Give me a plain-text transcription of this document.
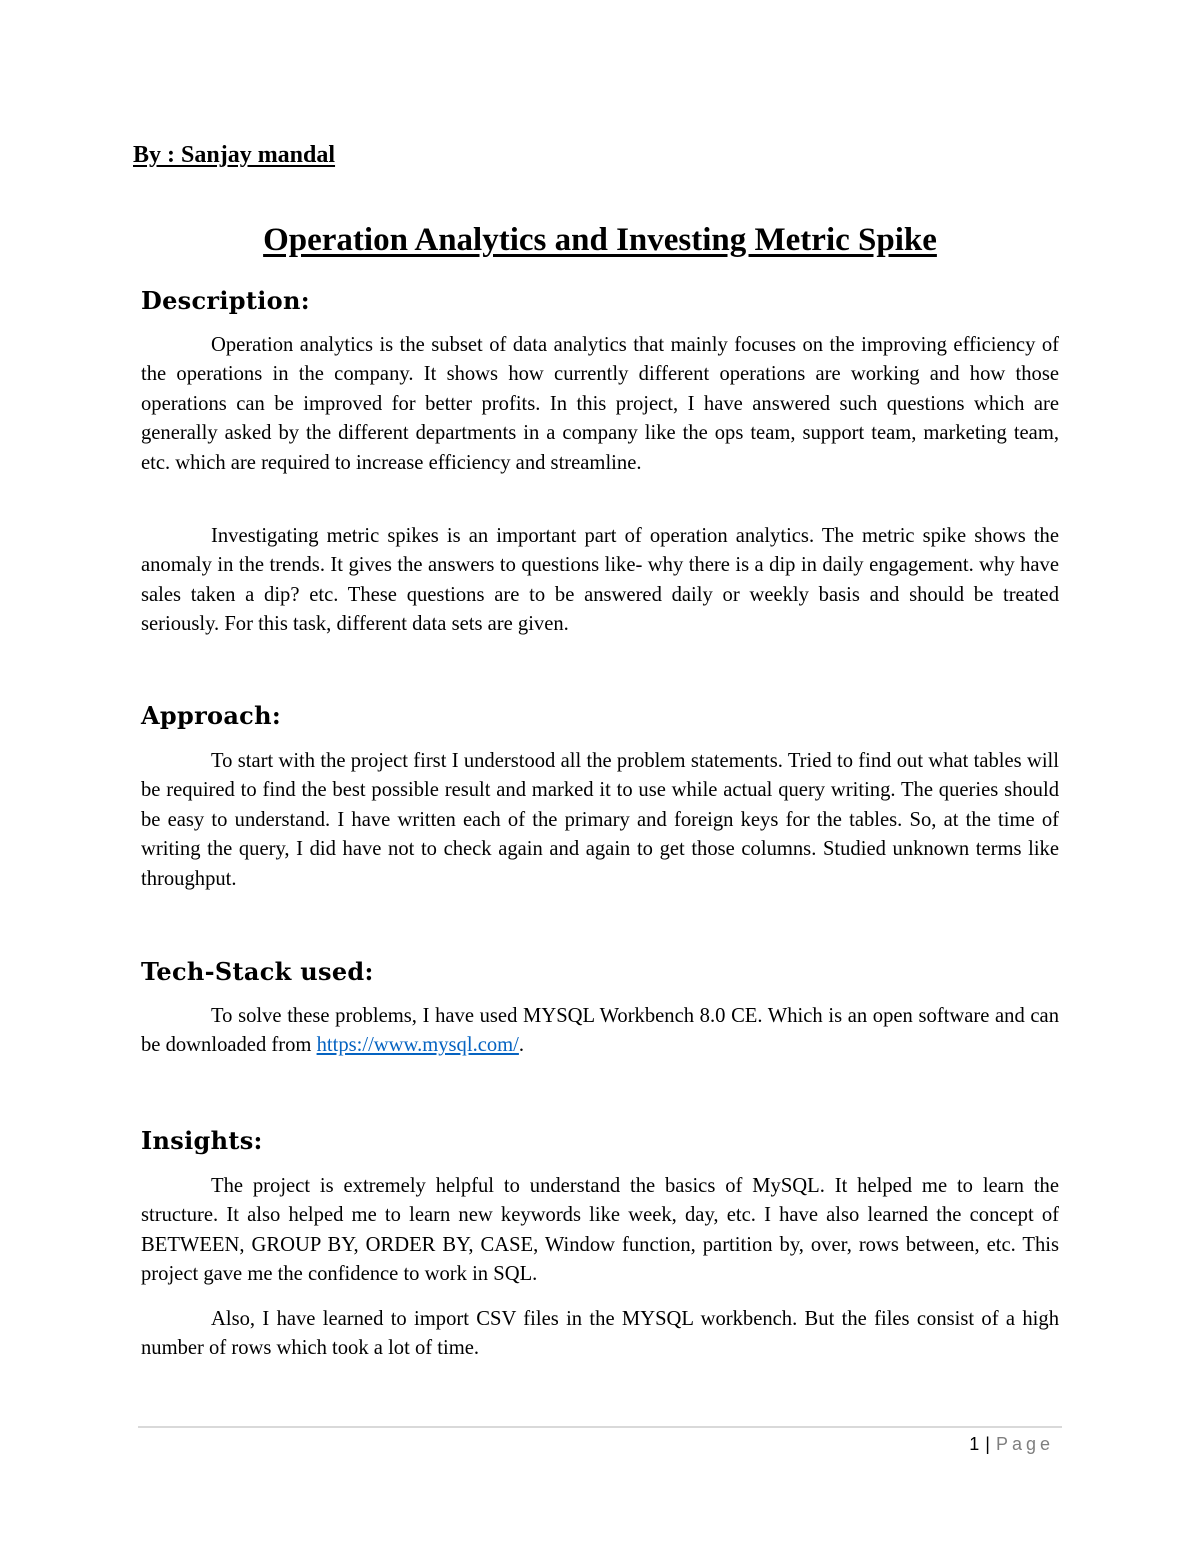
By : Sanjay mandal
Operation Analytics and Investing Metric Spike
Description:
Operation analytics is the subset of data analytics that mainly focuses on the improving efficiency of the operations in the company. It shows how currently different operations are working and how those operations can be improved for better profits. In this project, I have answered such questions which are generally asked by the different departments in a company like the ops team, support team, marketing team, etc. which are required to increase efficiency and streamline.
Investigating metric spikes is an important part of operation analytics. The metric spike shows the anomaly in the trends. It gives the answers to questions like- why there is a dip in daily engagement. why have sales taken a dip? etc. These questions are to be answered daily or weekly basis and should be treated seriously. For this task, different data sets are given.
Approach:
To start with the project first I understood all the problem statements. Tried to find out what tables will be required to find the best possible result and marked it to use while actual query writing. The queries should be easy to understand. I have written each of the primary and foreign keys for the tables. So, at the time of writing the query, I did have not to check again and again to get those columns. Studied unknown terms like throughput.
Tech-Stack used:
To solve these problems, I have used MYSQL Workbench 8.0 CE. Which is an open software and can be downloaded from https://www.mysql.com/.
Insights:
The project is extremely helpful to understand the basics of MySQL. It helped me to learn the structure. It also helped me to learn new keywords like week, day, etc. I have also learned the concept of BETWEEN, GROUP BY, ORDER BY, CASE, Window function, partition by, over, rows between, etc. This project gave me the confidence to work in SQL.
Also, I have learned to import CSV files in the MYSQL workbench. But the files consist of a high number of rows which took a lot of time.
1 | Page
